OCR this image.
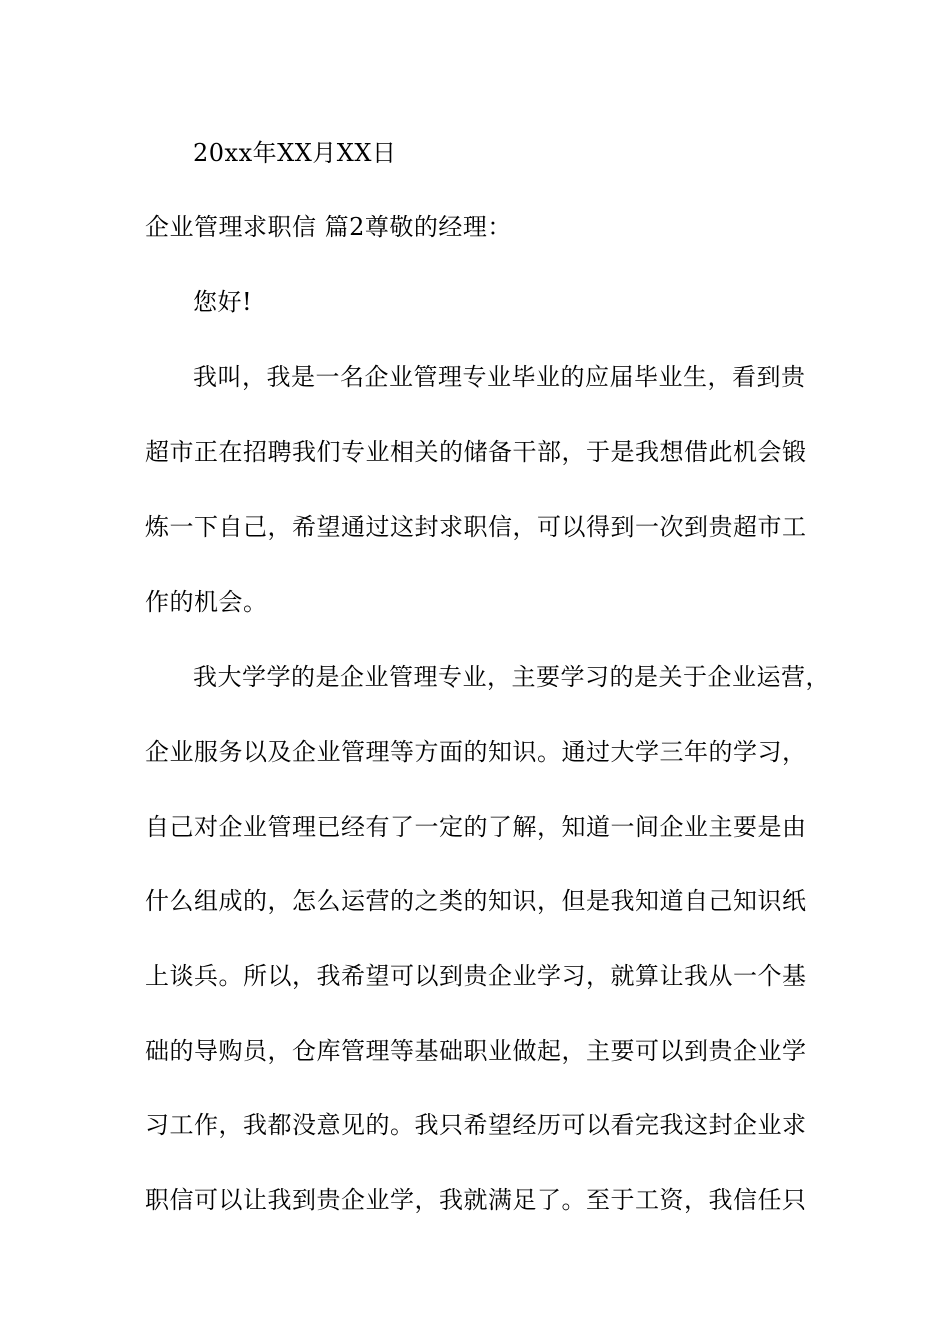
20xx年XX月XX日
企业管理求职信 篇2尊敬的经理：
您好!
我叫，我是一名企业管理专业毕业的应届毕业生，看到贵
超市正在招聘我们专业相关的储备干部，于是我想借此机会锻
炼一下自己，希望通过这封求职信，可以得到一次到贵超市工
作的机会。
我大学学的是企业管理专业，主要学习的是关于企业运营，
企业服务以及企业管理等方面的知识。通过大学三年的学习，
自己对企业管理已经有了一定的了解，知道一间企业主要是由
什么组成的，怎么运营的之类的知识，但是我知道自己知识纸
上谈兵。所以，我希望可以到贵企业学习，就算让我从一个基
础的导购员，仓库管理等基础职业做起，主要可以到贵企业学
习工作，我都没意见的。我只希望经历可以看完我这封企业求
职信可以让我到贵企业学，我就满足了。至于工资，我信任只
